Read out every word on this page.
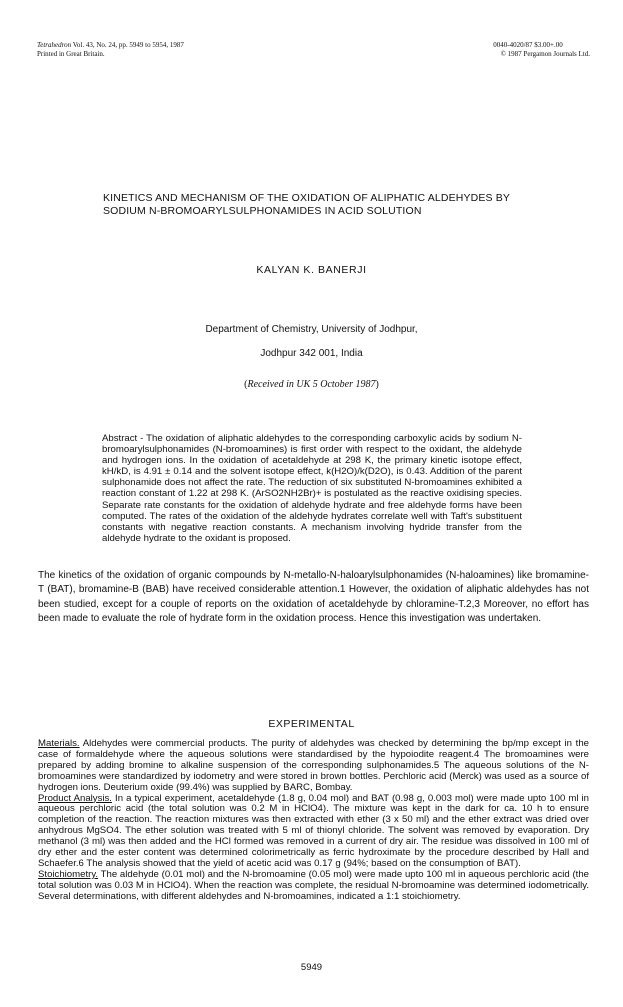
Tetrahedron Vol. 43, No. 24, pp. 5949 to 5954, 1987
Printed in Great Britain.
0040-4020/87 $3.00+.00
© 1987 Pergamon Journals Ltd.
KINETICS AND MECHANISM OF THE OXIDATION OF ALIPHATIC ALDEHYDES BY SODIUM N-BROMOARYLSULPHONAMIDES IN ACID SOLUTION
KALYAN K. BANERJI
Department of Chemistry, University of Jodhpur,
Jodhpur 342 001, India
(Received in UK 5 October 1987)
Abstract - The oxidation of aliphatic aldehydes to the corresponding carboxylic acids by sodium N-bromoarylsulphonamides (N-bromoamines) is first order with respect to the oxidant, the aldehyde and hydrogen ions. In the oxidation of acetaldehyde at 298 K, the primary kinetic isotope effect, kH/kD, is 4.91 ± 0.14 and the solvent isotope effect, k(H2O)/k(D2O), is 0.43. Addition of the parent sulphonamide does not affect the rate. The reduction of six substituted N-bromoamines exhibited a reaction constant of 1.22 at 298 K. (ArSO2NH2Br)+ is postulated as the reactive oxidising species. Separate rate constants for the oxidation of aldehyde hydrate and free aldehyde forms have been computed. The rates of the oxidation of the aldehyde hydrates correlate well with Taft's substituent constants with negative reaction constants. A mechanism involving hydride transfer from the aldehyde hydrate to the oxidant is proposed.

The kinetics of the oxidation of organic compounds by N-metallo-N-haloarylsulphonamides (N-haloamines) like bromamine-T (BAT), bromamine-B (BAB) have received considerable attention.1 However, the oxidation of aliphatic aldehydes has not been studied, except for a couple of reports on the oxidation of acetaldehyde by chloramine-T.2,3 Moreover, no effort has been made to evaluate the role of hydrate form in the oxidation process. Hence this investigation was undertaken.

EXPERIMENTAL

Materials. Aldehydes were commercial products. The purity of aldehydes was checked by determining the bp/mp except in the case of formaldehyde where the aqueous solutions were standardised by the hypoiodite reagent.4 The bromoamines were prepared by adding bromine to alkaline suspension of the corresponding sulphonamides.5 The aqueous solutions of the N-bromoamines were standardized by iodometry and were stored in brown bottles. Perchloric acid (Merck) was used as a source of hydrogen ions. Deuterium oxide (99.4%) was supplied by BARC, Bombay.

Product Analysis. In a typical experiment, acetaldehyde (1.8 g, 0.04 mol) and BAT (0.98 g, 0.003 mol) were made upto 100 ml in aqueous perchloric acid (the total solution was 0.2 M in HClO4). The mixture was kept in the dark for ca. 10 h to ensure completion of the reaction. The reaction mixtures was then extracted with ether (3 x 50 ml) and the ether extract was dried over anhydrous MgSO4. The ether solution was treated with 5 ml of thionyl chloride. The solvent was removed by evaporation. Dry methanol (3 ml) was then added and the HCl formed was removed in a current of dry air. The residue was dissolved in 100 ml of dry ether and the ester content was determined colorimetrically as ferric hydroximate by the procedure described by Hall and Schaefer.6 The analysis showed that the yield of acetic acid was 0.17 g (94%; based on the consumption of BAT).

Stoichiometry. The aldehyde (0.01 mol) and the N-bromoamine (0.05 mol) were made upto 100 ml in aqueous perchloric acid (the total solution was 0.03 M in HClO4). When the reaction was complete, the residual N-bromoamine was determined iodometrically. Several determinations, with different aldehydes and N-bromoamines, indicated a 1:1 stoichiometry.

5949
